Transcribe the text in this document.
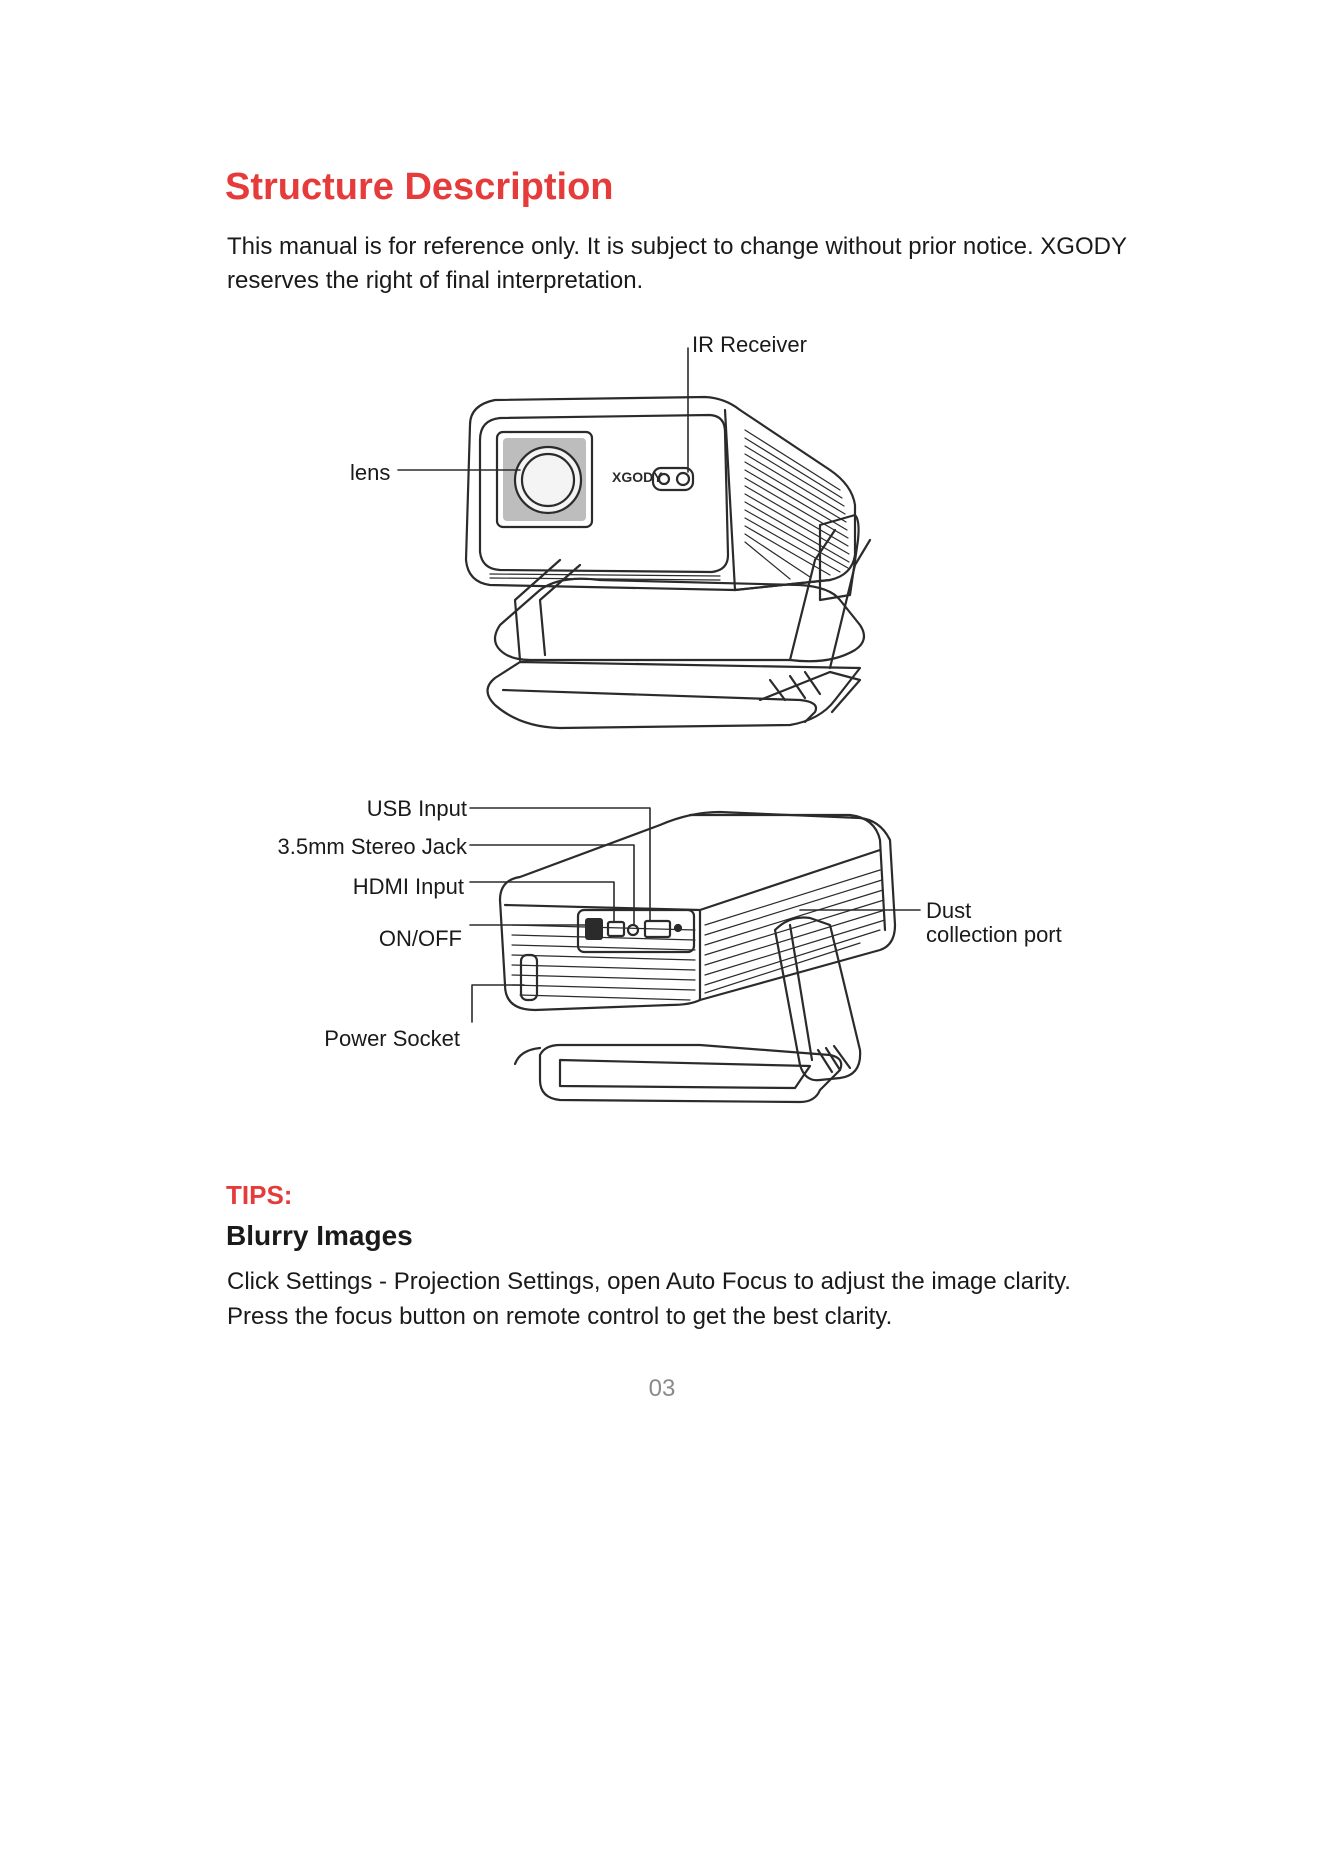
Structure Description

This manual is for reference only. It is subject to change without prior notice. XGODY reserves the right of final interpretation.

XGODY
IR Receiver
lens
USB Input
3.5mm Stereo Jack
HDMI Input
ON/OFF
Power Socket
Dust
collection port
TIPS:
Blurry Images

Click Settings - Projection Settings, open Auto Focus to adjust the image clarity. Press the focus button on remote control to get the best clarity.

03
